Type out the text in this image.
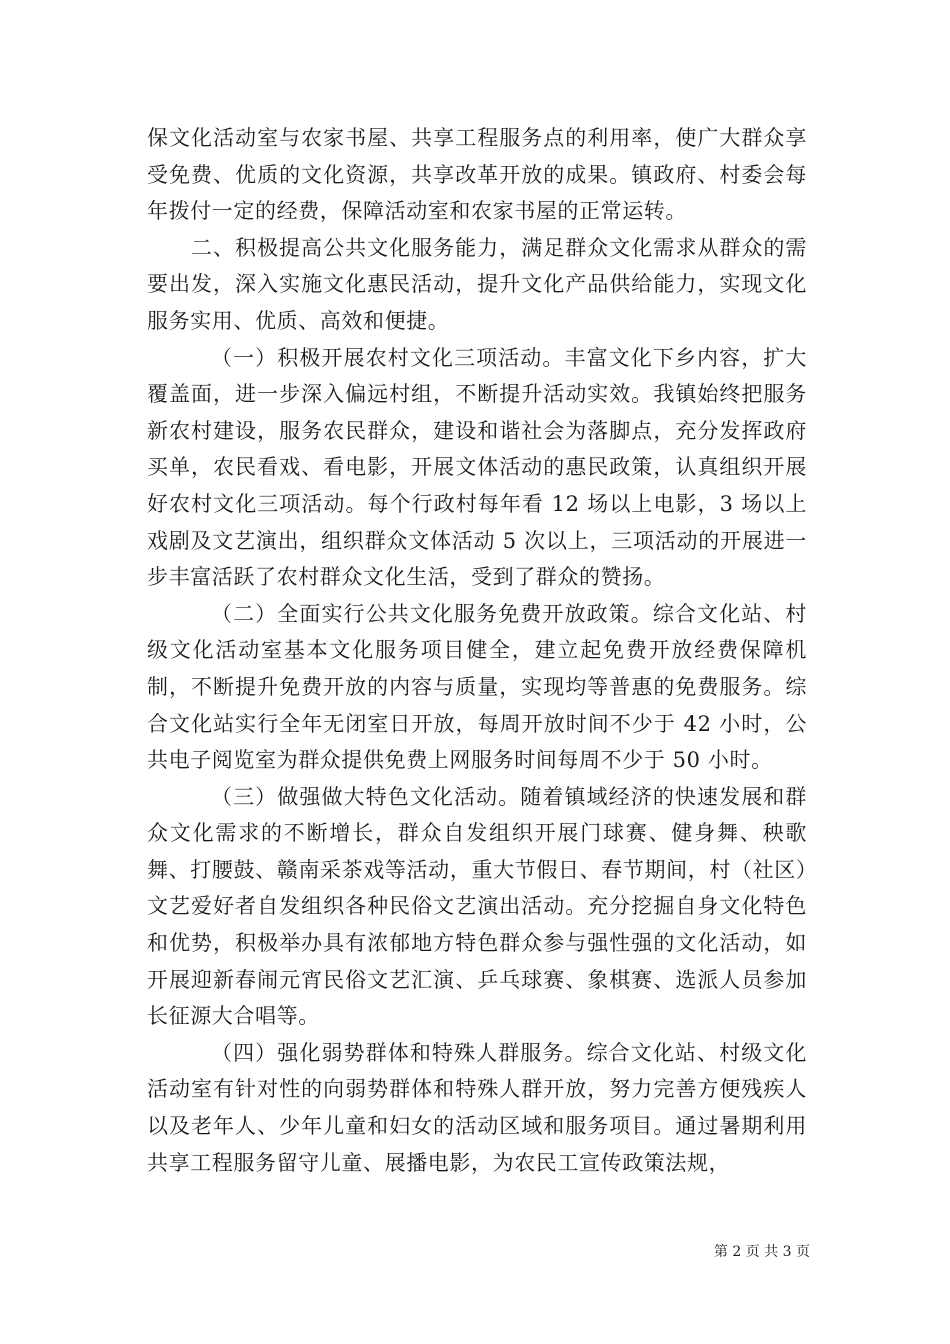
保文化活动室与农家书屋、共享工程服务点的利用率，使广大群众享受免费、优质的文化资源，共享改革开放的成果。镇政府、村委会每年拨付一定的经费，保障活动室和农家书屋的正常运转。

二、积极提高公共文化服务能力，满足群众文化需求从群众的需要出发，深入实施文化惠民活动，提升文化产品供给能力，实现文化服务实用、优质、高效和便捷。

（一）积极开展农村文化三项活动。丰富文化下乡内容，扩大覆盖面，进一步深入偏远村组，不断提升活动实效。我镇始终把服务新农村建设，服务农民群众，建设和谐社会为落脚点，充分发挥政府买单，农民看戏、看电影，开展文体活动的惠民政策，认真组织开展好农村文化三项活动。每个行政村每年看 12 场以上电影，3 场以上戏剧及文艺演出，组织群众文体活动 5 次以上，三项活动的开展进一步丰富活跃了农村群众文化生活，受到了群众的赞扬。

（二）全面实行公共文化服务免费开放政策。综合文化站、村级文化活动室基本文化服务项目健全，建立起免费开放经费保障机制，不断提升免费开放的内容与质量，实现均等普惠的免费服务。综合文化站实行全年无闭室日开放，每周开放时间不少于 42 小时，公共电子阅览室为群众提供免费上网服务时间每周不少于 50 小时。

（三）做强做大特色文化活动。随着镇域经济的快速发展和群众文化需求的不断增长，群众自发组织开展门球赛、健身舞、秧歌舞、打腰鼓、赣南采茶戏等活动，重大节假日、春节期间，村（社区）文艺爱好者自发组织各种民俗文艺演出活动。充分挖掘自身文化特色和优势，积极举办具有浓郁地方特色群众参与强性强的文化活动，如开展迎新春闹元宵民俗文艺汇演、乒乓球赛、象棋赛、选派人员参加长征源大合唱等。

（四）强化弱势群体和特殊人群服务。综合文化站、村级文化活动室有针对性的向弱势群体和特殊人群开放，努力完善方便残疾人以及老年人、少年儿童和妇女的活动区域和服务项目。通过暑期利用共享工程服务留守儿童、展播电影，为农民工宣传政策法规，

第 2 页 共 3 页
